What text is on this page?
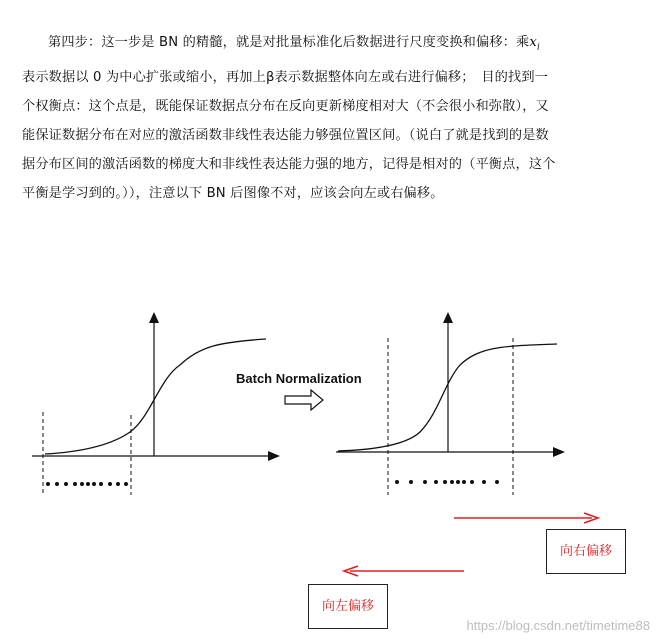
第四步：这一步是 BN 的精髓，就是对批量标准化后数据进行尺度变换和偏移：乘$x_i$
表示数据以 0 为中心扩张或缩小，再加上β表示数据整体向左或右进行偏移；　目的找到一
个权衡点：这个点是，既能保证数据点分布在反向更新梯度相对大（不会很小和弥散），又
能保证数据分布在对应的激活函数非线性表达能力够强位置区间。（说白了就是找到的是数
据分布区间的激活函数的梯度大和非线性表达能力强的地方，记得是相对的（平衡点，这个
平衡是学习到的。）），注意以下 BN 后图像不对，应该会向左或右偏移。

Batch Normalization
向右偏移
向左偏移
https://blog.csdn.net/timetime88
